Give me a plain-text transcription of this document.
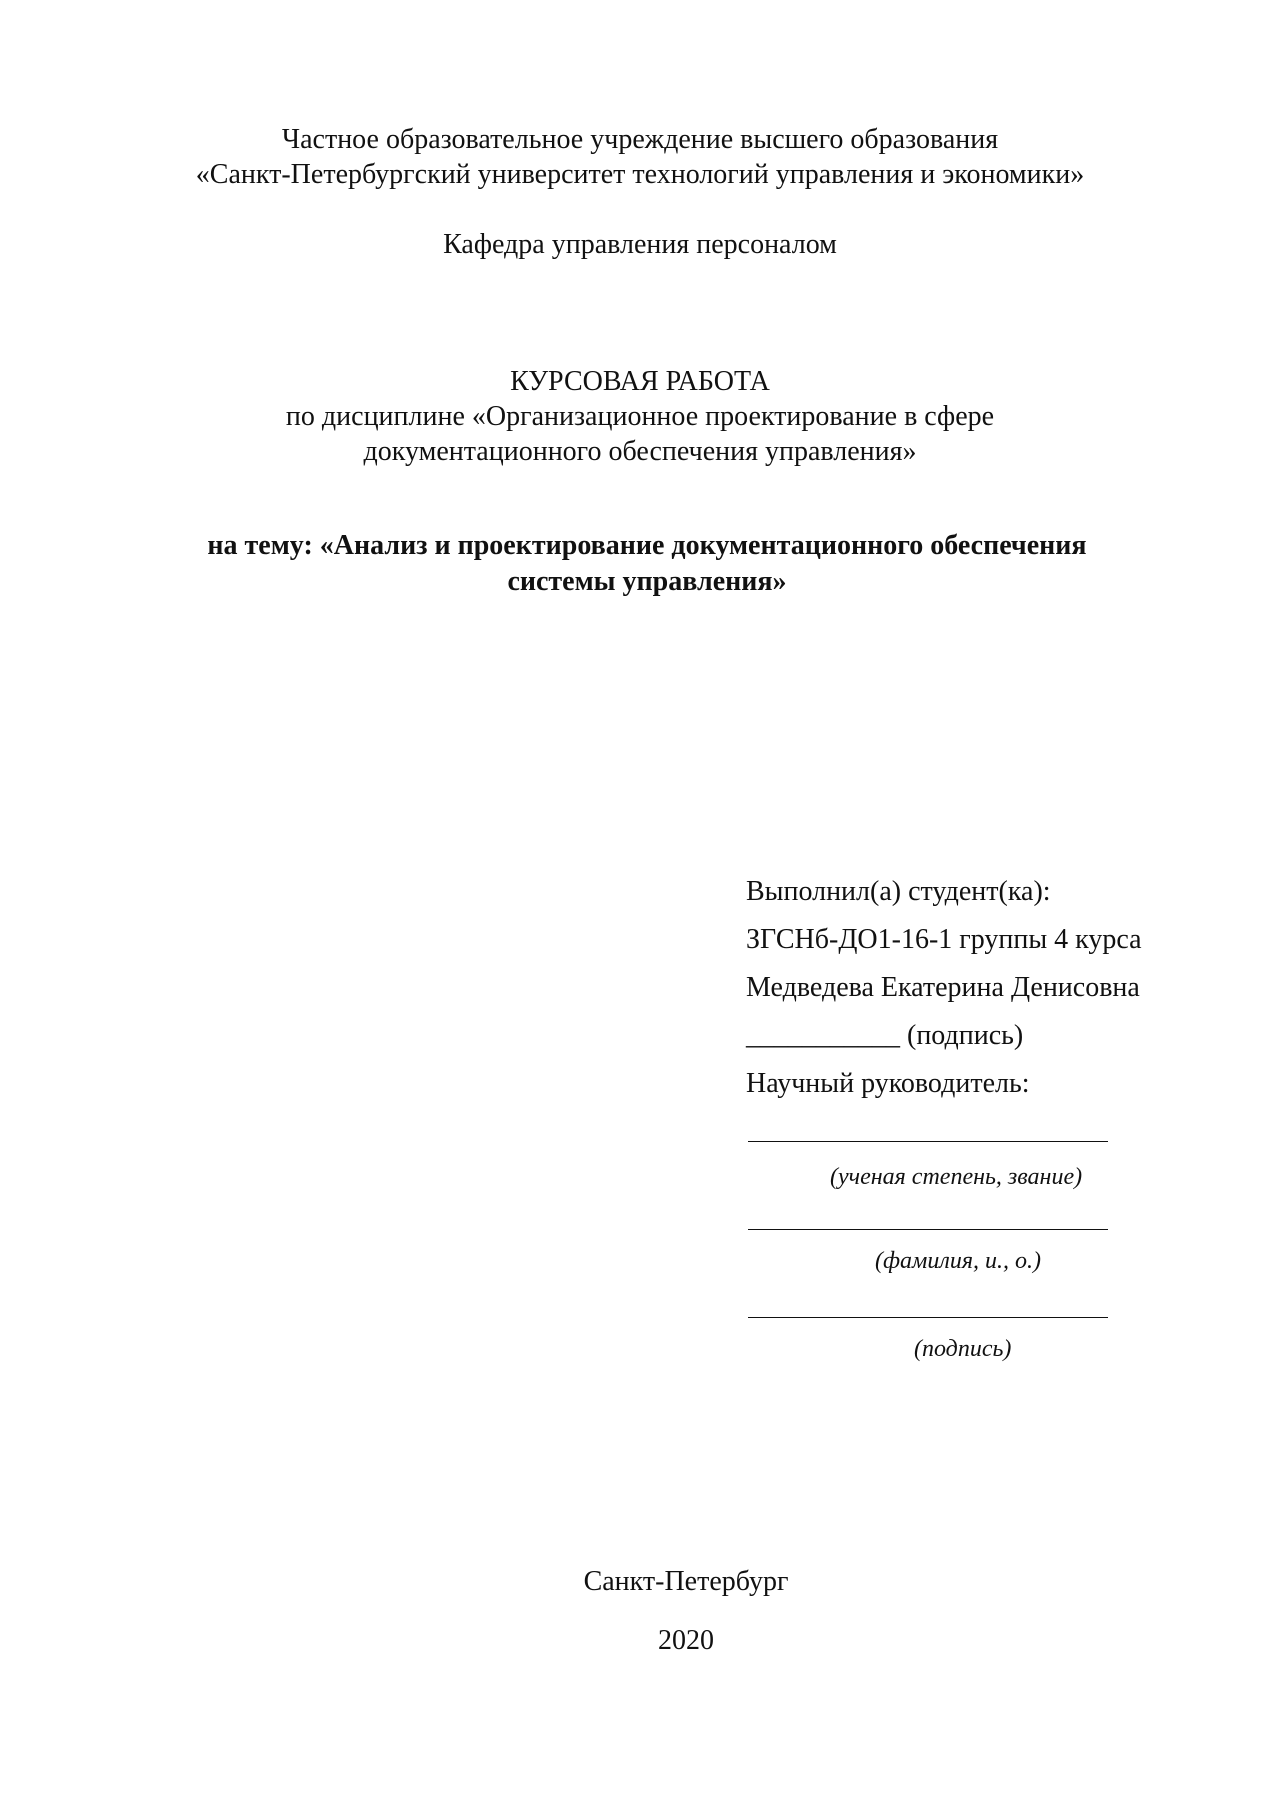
Частное образовательное учреждение высшего образования
«Санкт-Петербургский университет технологий управления и экономики»
Кафедра управления персоналом
КУРСОВАЯ РАБОТА
по дисциплине «Организационное проектирование в сфере
документационного обеспечения управления»
на тему: «Анализ и проектирование документационного обеспечения
системы управления»
Выполнил(а) студент(ка):
ЗГСНб-ДО1-16-1 группы 4 курса
Медведева Екатерина Денисовна
___________ (подпись)
Научный руководитель:
(ученая степень, звание)
(фамилия, и., о.)
(подпись)
Санкт-Петербург
2020
